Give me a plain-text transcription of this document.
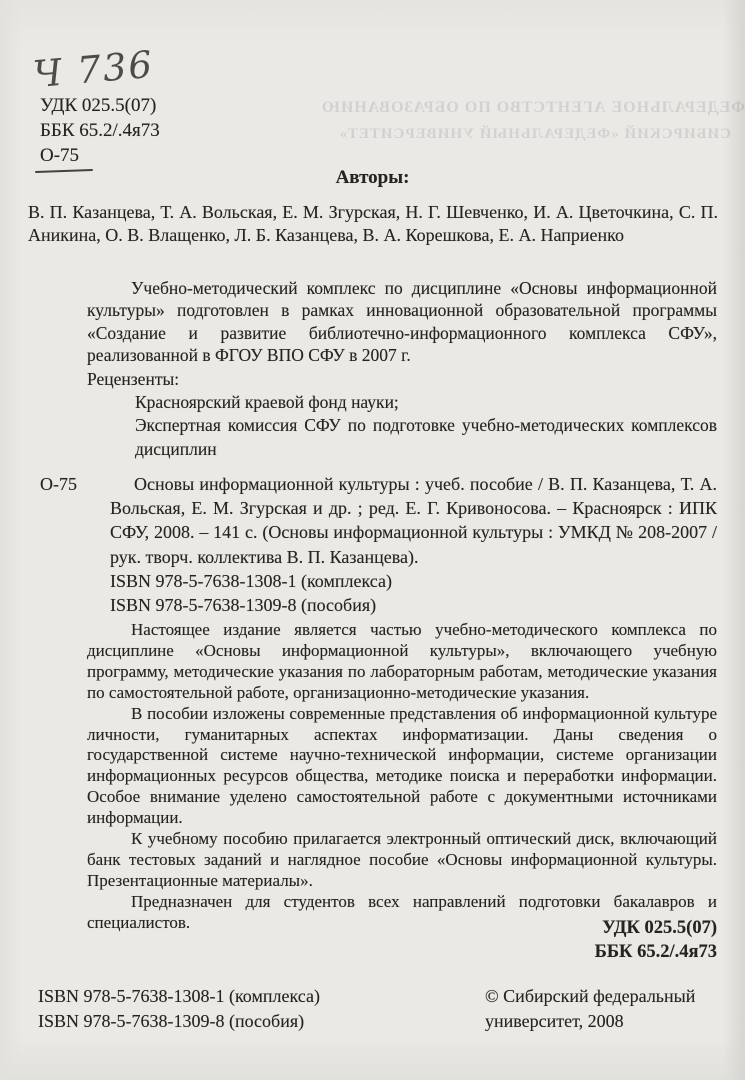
Ч 736
ФЕДЕРАЛЬНОЕ АГЕНТСТВО ПО ОБРАЗОВАНИЮ
СИБИРСКИЙ «ФЕДЕРАЛЬНЫЙ УНИВЕРСИТЕТ»
УДК 025.5(07)
ББК 65.2/.4я73
О-75
Авторы:
В. П. Казанцева, Т. А. Вольская, Е. М. Згурская, Н. Г. Шевченко, И. А. Цветочкина, С. П. Аникина, О. В. Влащенко, Л. Б. Казанцева, В. А. Корешкова, Е. А. Наприенко
Учебно-методический комплекс по дисциплине «Основы информационной культуры» подготовлен в рамках инновационной образовательной программы «Создание и развитие библиотечно-информационного комплекса СФУ», реализованной в ФГОУ ВПО СФУ в 2007 г.
Рецензенты:
Красноярский краевой фонд науки;
Экспертная комиссия СФУ по подготовке учебно-методических комплексов дисциплин
О-75	Основы информационной культуры : учеб. пособие / В. П. Казанцева, Т. А. Вольская, Е. М. Згурская и др. ; ред. Е. Г. Кривоносова. – Красноярск : ИПК СФУ, 2008. – 141 с. (Основы информационной культуры : УМКД № 208-2007 / рук. творч. коллектива В. П. Казанцева).
ISBN 978-5-7638-1308-1 (комплекса)
ISBN 978-5-7638-1309-8 (пособия)

Настоящее издание является частью учебно-методического комплекса по дисциплине «Основы информационной культуры», включающего учебную программу, методические указания по лабораторным работам, методические указания по самостоятельной работе, организационно-методические указания.

В пособии изложены современные представления об информационной культуре личности, гуманитарных аспектах информатизации. Даны сведения о государственной системе научно-технической информации, системе организации информационных ресурсов общества, методике поиска и переработки информации. Особое внимание уделено самостоятельной работе с документными источниками информации.

К учебному пособию прилагается электронный оптический диск, включающий банк тестовых заданий и наглядное пособие «Основы информационной культуры. Презентационные материалы».

Предназначен для студентов всех направлений подготовки бакалавров и специалистов.	УДК 025.5(07)
ББК 65.2/.4я73
ISBN 978-5-7638-1308-1 (комплекса)
ISBN 978-5-7638-1309-8 (пособия)
© Сибирский федеральный университет, 2008
